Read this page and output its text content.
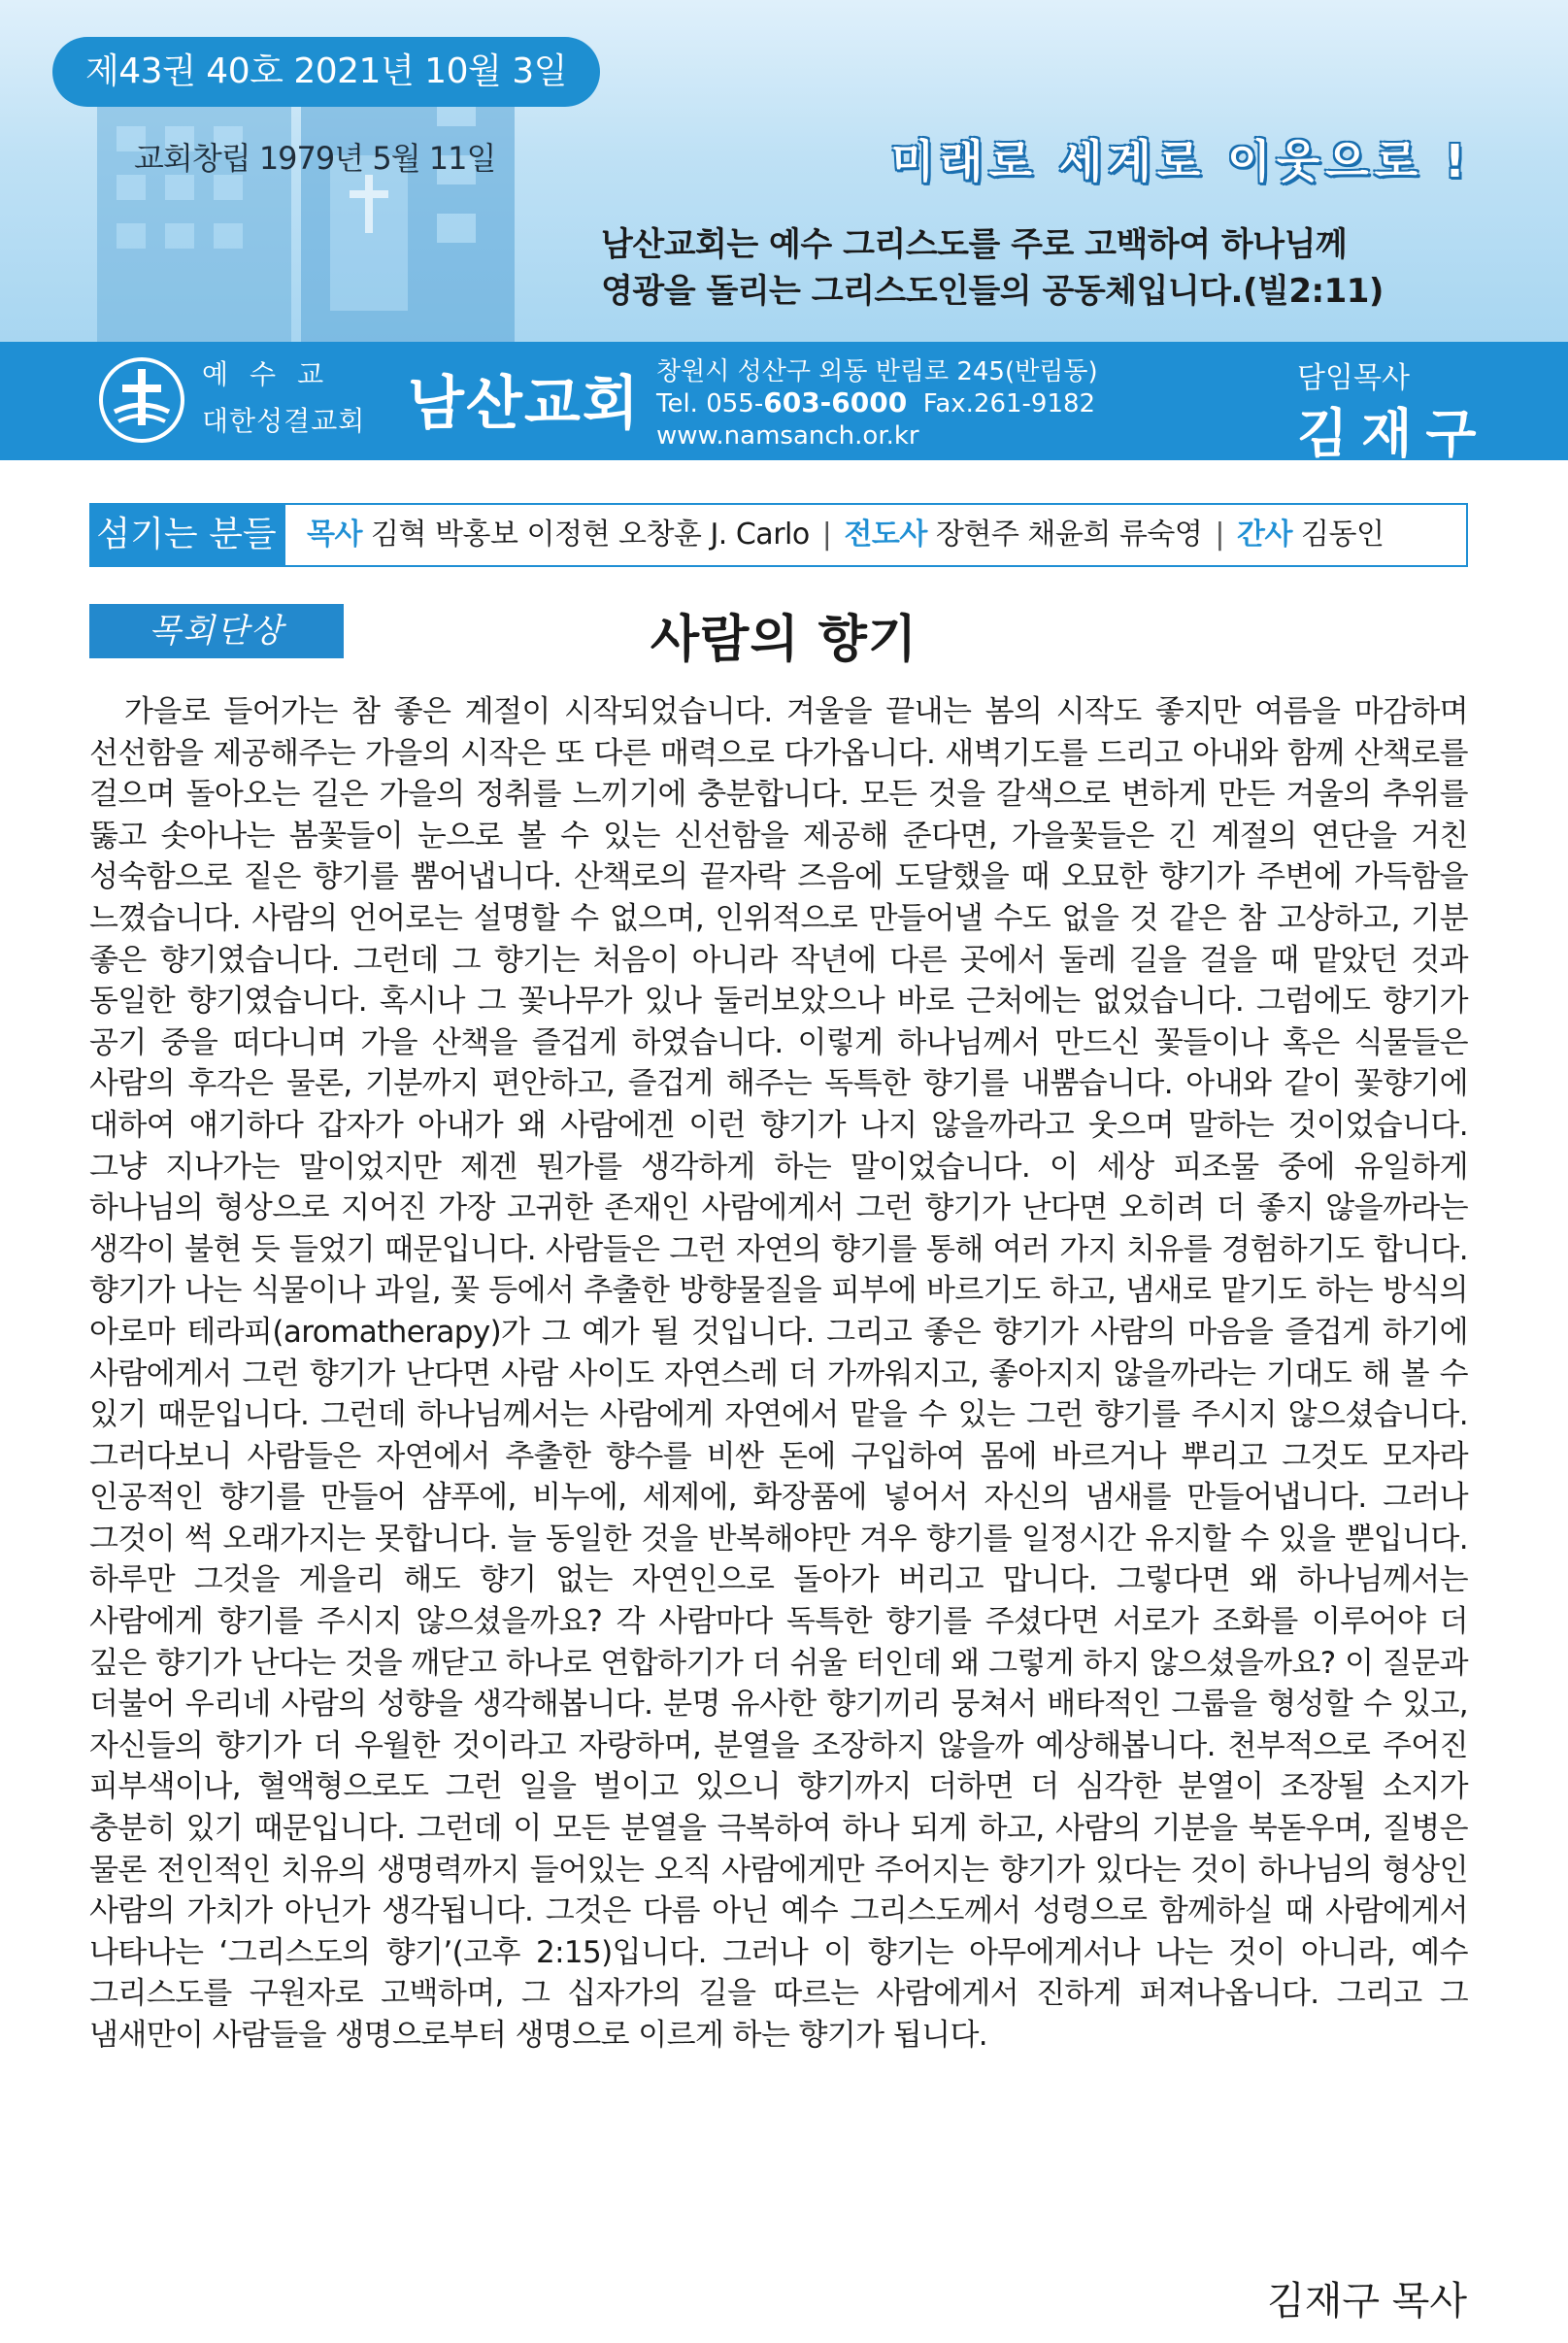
제43권 40호 2021년 10월 3일
교회창립 1979년 5월 11일	미래로 세계로 이웃으로 !
남산교회는 예수 그리스도를 주로 고백하여 하나님께
영광을 돌리는 그리스도인들의 공동체입니다.(빌2:11)
예수교
대한성결교회 남산교회 창원시 성산구 외동 반림로 245(반림동)
Tel. 055-603-6000 Fax.261-9182
www.namsanch.or.kr
담임목사
김재구
섬기는 분들	목사 김혁 박홍보 이정현 오창훈 J. Carlo | 전도사 장현주 채윤희 류숙영 | 간사 김동인
목회단상	사람의 향기
가을로 들어가는 참 좋은 계절이 시작되었습니다. 겨울을 끝내는 봄의 시작도 좋지만 여름을 마감하며 선선함을 제공해주는 가을의 시작은 또 다른 매력으로 다가옵니다. 새벽기도를 드리고 아내와 함께 산책로를 걸으며 돌아오는 길은 가을의 정취를 느끼기에 충분합니다. 모든 것을 갈색으로 변하게 만든 겨울의 추위를 뚫고 솟아나는 봄꽃들이 눈으로 볼 수 있는 신선함을 제공해 준다면, 가을꽃들은 긴 계절의 연단을 거친 성숙함으로 짙은 향기를 뿜어냅니다. 산책로의 끝자락 즈음에 도달했을 때 오묘한 향기가 주변에 가득함을 느꼈습니다. 사람의 언어로는 설명할 수 없으며, 인위적으로 만들어낼 수도 없을 것 같은 참 고상하고, 기분 좋은 향기였습니다. 그런데 그 향기는 처음이 아니라 작년에 다른 곳에서 둘레 길을 걸을 때 맡았던 것과 동일한 향기였습니다. 혹시나 그 꽃나무가 있나 둘러보았으나 바로 근처에는 없었습니다. 그럼에도 향기가 공기 중을 떠다니며 가을 산책을 즐겁게 하였습니다. 이렇게 하나님께서 만드신 꽃들이나 혹은 식물들은 사람의 후각은 물론, 기분까지 편안하고, 즐겁게 해주는 독특한 향기를 내뿜습니다. 아내와 같이 꽃향기에 대하여 얘기하다 갑자가 아내가 왜 사람에겐 이런 향기가 나지 않을까라고 웃으며 말하는 것이었습니다. 그냥 지나가는 말이었지만 제겐 뭔가를 생각하게 하는 말이었습니다. 이 세상 피조물 중에 유일하게 하나님의 형상으로 지어진 가장 고귀한 존재인 사람에게서 그런 향기가 난다면 오히려 더 좋지 않을까라는 생각이 불현 듯 들었기 때문입니다. 사람들은 그런 자연의 향기를 통해 여러 가지 치유를 경험하기도 합니다. 향기가 나는 식물이나 과일, 꽃 등에서 추출한 방향물질을 피부에 바르기도 하고, 냄새로 맡기도 하는 방식의 아로마 테라피(aromatherapy)가 그 예가 될 것입니다. 그리고 좋은 향기가 사람의 마음을 즐겁게 하기에 사람에게서 그런 향기가 난다면 사람 사이도 자연스레 더 가까워지고, 좋아지지 않을까라는 기대도 해 볼 수 있기 때문입니다. 그런데 하나님께서는 사람에게 자연에서 맡을 수 있는 그런 향기를 주시지 않으셨습니다. 그러다보니 사람들은 자연에서 추출한 향수를 비싼 돈에 구입하여 몸에 바르거나 뿌리고 그것도 모자라 인공적인 향기를 만들어 샴푸에, 비누에, 세제에, 화장품에 넣어서 자신의 냄새를 만들어냅니다. 그러나 그것이 썩 오래가지는 못합니다. 늘 동일한 것을 반복해야만 겨우 향기를 일정시간 유지할 수 있을 뿐입니다. 하루만 그것을 게을리 해도 향기 없는 자연인으로 돌아가 버리고 맙니다. 그렇다면 왜 하나님께서는 사람에게 향기를 주시지 않으셨을까요? 각 사람마다 독특한 향기를 주셨다면 서로가 조화를 이루어야 더 깊은 향기가 난다는 것을 깨닫고 하나로 연합하기가 더 쉬울 터인데 왜 그렇게 하지 않으셨을까요? 이 질문과 더불어 우리네 사람의 성향을 생각해봅니다. 분명 유사한 향기끼리 뭉쳐서 배타적인 그룹을 형성할 수 있고, 자신들의 향기가 더 우월한 것이라고 자랑하며, 분열을 조장하지 않을까 예상해봅니다. 천부적으로 주어진 피부색이나, 혈액형으로도 그런 일을 벌이고 있으니 향기까지 더하면 더 심각한 분열이 조장될 소지가 충분히 있기 때문입니다. 그런데 이 모든 분열을 극복하여 하나 되게 하고, 사람의 기분을 북돋우며, 질병은 물론 전인적인 치유의 생명력까지 들어있는 오직 사람에게만 주어지는 향기가 있다는 것이 하나님의 형상인 사람의 가치가 아닌가 생각됩니다. 그것은 다름 아닌 예수 그리스도께서 성령으로 함께하실 때 사람에게서 나타나는 ‘그리스도의 향기’(고후 2:15)입니다. 그러나 이 향기는 아무에게서나 나는 것이 아니라, 예수 그리스도를 구원자로 고백하며, 그 십자가의 길을 따르는 사람에게서 진하게 퍼져나옵니다. 그리고 그 냄새만이 사람들을 생명으로부터 생명으로 이르게 하는 향기가 됩니다.
김재구 목사
